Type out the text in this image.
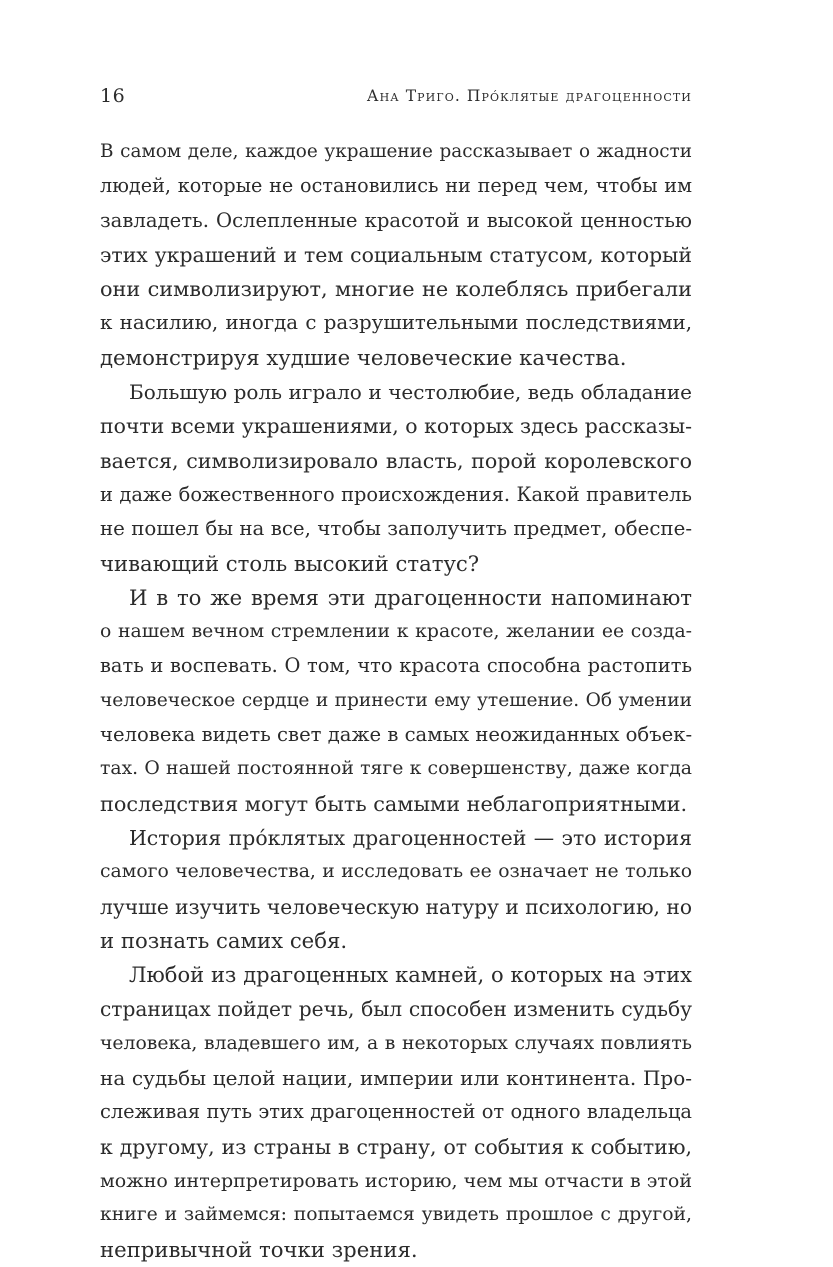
16	Ана Триго. Про́клятые драгоценности
В самом деле, каждое украшение рассказывает о жадности
людей, которые не остановились ни перед чем, чтобы им
завладеть. Ослепленные красотой и высокой ценностью
этих украшений и тем социальным статусом, который
они символизируют, многие не колеблясь прибегали
к насилию, иногда с разрушительными последствиями,
демонстрируя худшие человеческие качества.
Большую роль играло и честолюбие, ведь обладание
почти всеми украшениями, о которых здесь рассказы-
вается, символизировало власть, порой королевского
и даже божественного происхождения. Какой правитель
не пошел бы на все, чтобы заполучить предмет, обеспе-
чивающий столь высокий статус?
И в то же время эти драгоценности напоминают
о нашем вечном стремлении к красоте, желании ее созда-
вать и воспевать. О том, что красота способна растопить
человеческое сердце и принести ему утешение. Об умении
человека видеть свет даже в самых неожиданных объек-
тах. О нашей постоянной тяге к совершенству, даже когда
последствия могут быть самыми неблагоприятными.
История про́клятых драгоценностей — это история
самого человечества, и исследовать ее означает не только
лучше изучить человеческую натуру и психологию, но
и познать самих себя.
Любой из драгоценных камней, о которых на этих
страницах пойдет речь, был способен изменить судьбу
человека, владевшего им, а в некоторых случаях повлиять
на судьбы целой нации, империи или континента. Про-
слеживая путь этих драгоценностей от одного владельца
к другому, из страны в страну, от события к событию,
можно интерпретировать историю, чем мы отчасти в этой
книге и займемся: попытаемся увидеть прошлое с другой,
непривычной точки зрения.
